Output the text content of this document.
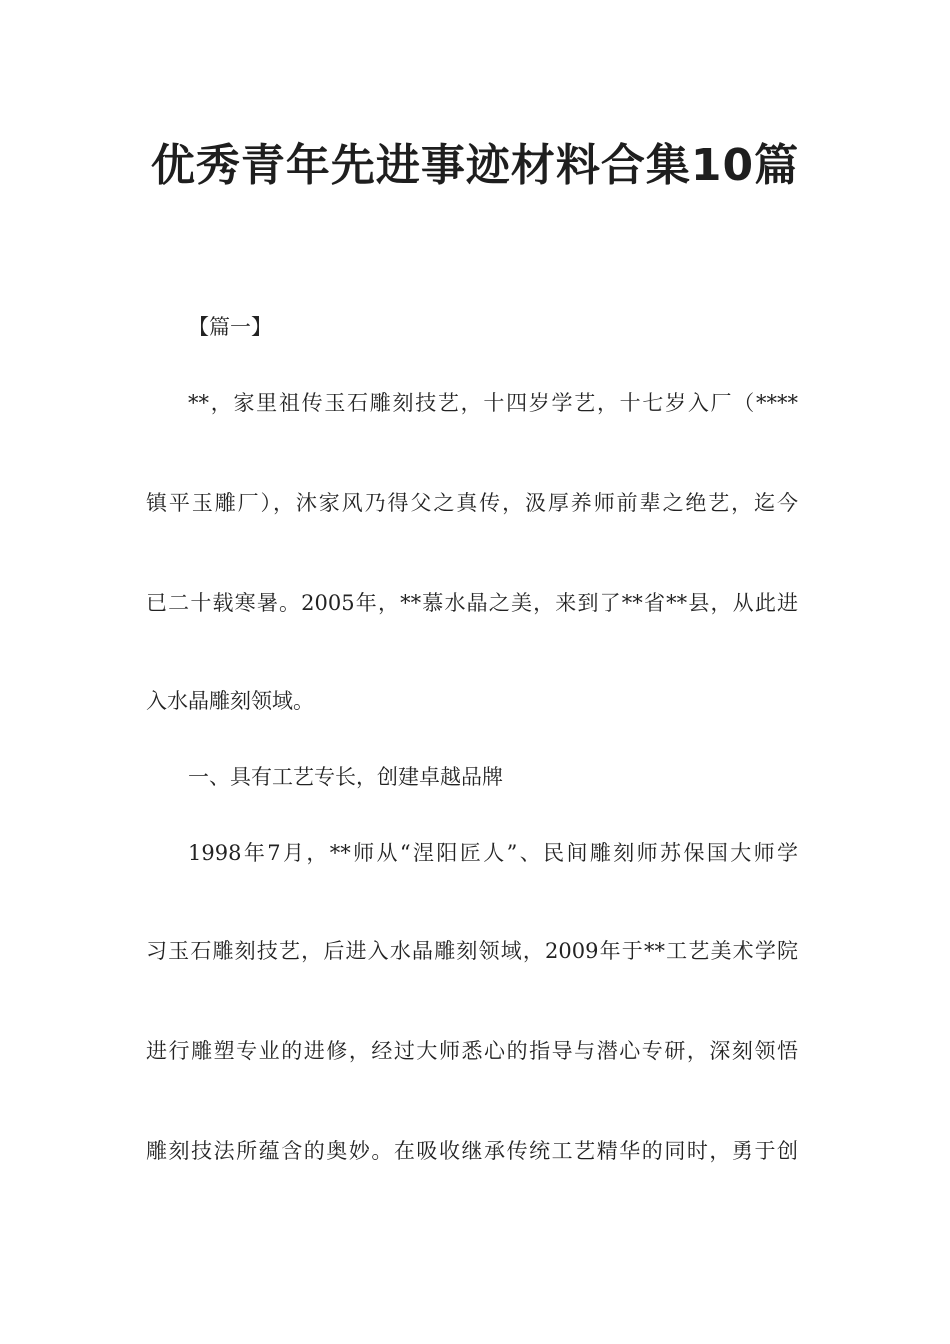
优秀青年先进事迹材料合集10篇
【篇一】
**，家里祖传玉石雕刻技艺，十四岁学艺，十七岁入厂（****
镇平玉雕厂），沐家风乃得父之真传，汲厚养师前辈之绝艺，迄今
已二十载寒暑。2005年，**慕水晶之美，来到了**省**县，从此进
入水晶雕刻领域。
一、具有工艺专长，创建卓越品牌
1998年7月，**师从“涅阳匠人”、民间雕刻师苏保国大师学
习玉石雕刻技艺，后进入水晶雕刻领域，2009年于**工艺美术学院
进行雕塑专业的进修，经过大师悉心的指导与潜心专研，深刻领悟
雕刻技法所蕴含的奥妙。在吸收继承传统工艺精华的同时，勇于创
